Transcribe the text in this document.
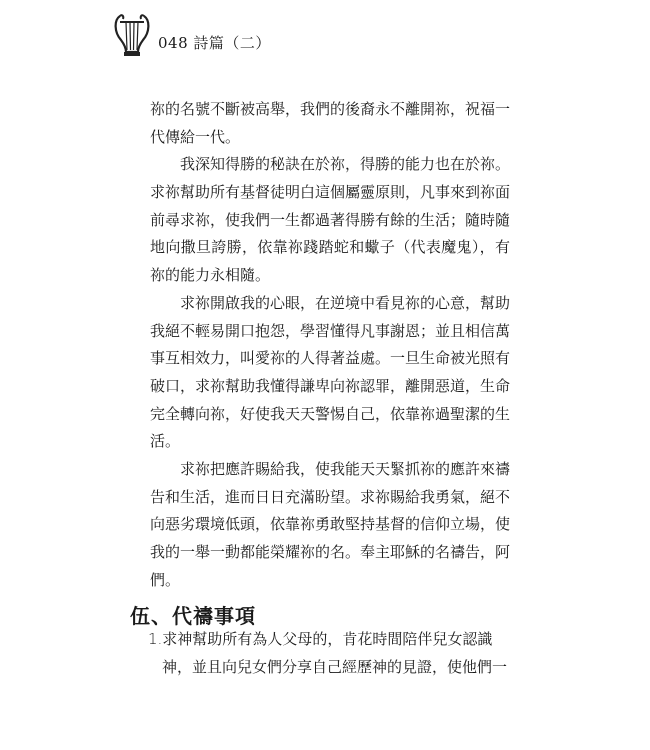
048 詩篇（二）
祢的名號不斷被高舉，我們的後裔永不離開祢，祝福一
代傳給一代。
我深知得勝的秘訣在於祢，得勝的能力也在於祢。
求祢幫助所有基督徒明白這個屬靈原則，凡事來到祢面
前尋求祢，使我們一生都過著得勝有餘的生活；隨時隨
地向撒旦誇勝，依靠祢踐踏蛇和蠍子（代表魔鬼），有
祢的能力永相隨。
求祢開啟我的心眼，在逆境中看見祢的心意，幫助
我絕不輕易開口抱怨，學習懂得凡事謝恩；並且相信萬
事互相效力，叫愛祢的人得著益處。一旦生命被光照有
破口，求祢幫助我懂得謙卑向祢認罪，離開惡道，生命
完全轉向祢，好使我天天警惕自己，依靠祢過聖潔的生
活。
求祢把應許賜給我，使我能天天緊抓祢的應許來禱
告和生活，進而日日充滿盼望。求祢賜給我勇氣，絕不
向惡劣環境低頭，依靠祢勇敢堅持基督的信仰立場，使
我的一舉一動都能榮耀祢的名。奉主耶穌的名禱告，阿
們。
伍、代禱事項
1.求神幫助所有為人父母的，肯花時間陪伴兒女認識
神，並且向兒女們分享自己經歷神的見證，使他們一
